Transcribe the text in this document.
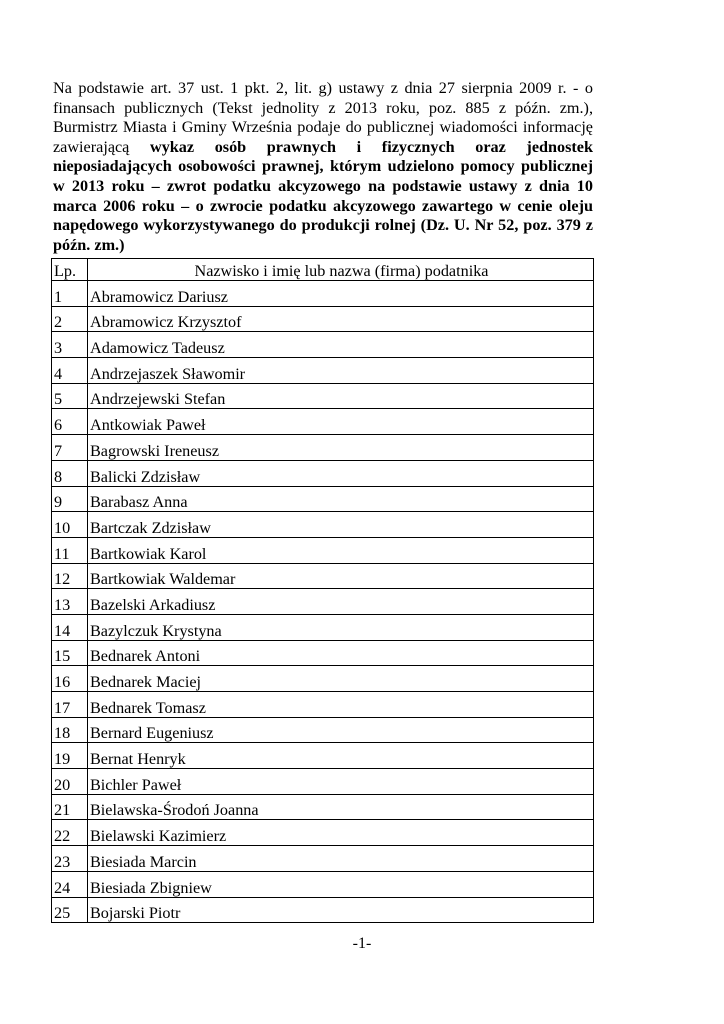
Na podstawie art. 37 ust. 1 pkt. 2, lit. g) ustawy z dnia 27 sierpnia 2009 r. - o finansach publicznych (Tekst jednolity z 2013 roku, poz. 885 z późn. zm.), Burmistrz Miasta i Gminy Września podaje do publicznej wiadomości informację zawierającą wykaz osób prawnych i fizycznych oraz jednostek nieposiadających osobowości prawnej, którym udzielono pomocy publicznej w 2013 roku – zwrot podatku akcyzowego na podstawie ustawy z dnia 10 marca 2006 roku – o zwrocie podatku akcyzowego zawartego w cenie oleju napędowego wykorzystywanego do produkcji rolnej (Dz. U. Nr 52, poz. 379 z późn. zm.)

Lp.	Nazwisko i imię lub nazwa (firma) podatnika
1	Abramowicz Dariusz
2	Abramowicz Krzysztof
3	Adamowicz Tadeusz
4	Andrzejaszek Sławomir
5	Andrzejewski Stefan
6	Antkowiak Paweł
7	Bagrowski Ireneusz
8	Balicki Zdzisław
9	Barabasz Anna
10	Bartczak Zdzisław
11	Bartkowiak Karol
12	Bartkowiak Waldemar
13	Bazelski Arkadiusz
14	Bazylczuk Krystyna
15	Bednarek Antoni
16	Bednarek Maciej
17	Bednarek Tomasz
18	Bernard Eugeniusz
19	Bernat Henryk
20	Bichler Paweł
21	Bielawska-Środoń Joanna
22	Bielawski Kazimierz
23	Biesiada Marcin
24	Biesiada Zbigniew
25	Bojarski Piotr
-1-
